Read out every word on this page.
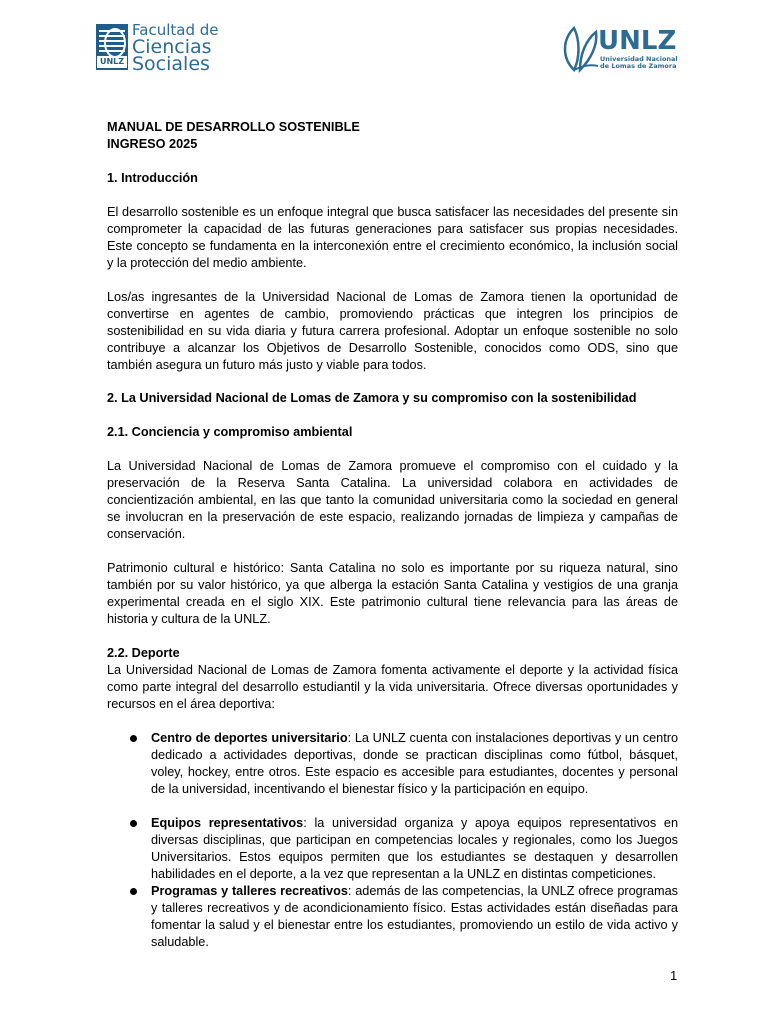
UNLZ
Facultad de
Ciencias
Sociales
UNLZ
Universidad Nacional
de Lomas de Zamora

MANUAL DE DESARROLLO SOSTENIBLE

INGRESO 2025

1. Introducción

El desarrollo sostenible es un enfoque integral que busca satisfacer las necesidades del presente sin comprometer la capacidad de las futuras generaciones para satisfacer sus propias necesidades. Este concepto se fundamenta en la interconexión entre el crecimiento económico, la inclusión social y la protección del medio ambiente.

Los/as ingresantes de la Universidad Nacional de Lomas de Zamora tienen la oportunidad de convertirse en agentes de cambio, promoviendo prácticas que integren los principios de sostenibilidad en su vida diaria y futura carrera profesional. Adoptar un enfoque sostenible no solo contribuye a alcanzar los Objetivos de Desarrollo Sostenible, conocidos como ODS, sino que también asegura un futuro más justo y viable para todos.

2. La Universidad Nacional de Lomas de Zamora y su compromiso con la sostenibilidad

2.1. Conciencia y compromiso ambiental

La Universidad Nacional de Lomas de Zamora promueve el compromiso con el cuidado y la preservación de la Reserva Santa Catalina. La universidad colabora en actividades de concientización ambiental, en las que tanto la comunidad universitaria como la sociedad en general se involucran en la preservación de este espacio, realizando jornadas de limpieza y campañas de conservación.

Patrimonio cultural e histórico: Santa Catalina no solo es importante por su riqueza natural, sino también por su valor histórico, ya que alberga la estación Santa Catalina y vestigios de una granja experimental creada en el siglo XIX. Este patrimonio cultural tiene relevancia para las áreas de historia y cultura de la UNLZ.

2.2. Deporte

La Universidad Nacional de Lomas de Zamora fomenta activamente el deporte y la actividad física como parte integral del desarrollo estudiantil y la vida universitaria. Ofrece diversas oportunidades y recursos en el área deportiva:

Centro de deportes universitario: La UNLZ cuenta con instalaciones deportivas y un centro dedicado a actividades deportivas, donde se practican disciplinas como fútbol, básquet, voley, hockey, entre otros. Este espacio es accesible para estudiantes, docentes y personal de la universidad, incentivando el bienestar físico y la participación en equipo.
Equipos representativos: la universidad organiza y apoya equipos representativos en diversas disciplinas, que participan en competencias locales y regionales, como los Juegos Universitarios. Estos equipos permiten que los estudiantes se destaquen y desarrollen habilidades en el deporte, a la vez que representan a la UNLZ en distintas competiciones.
Programas y talleres recreativos: además de las competencias, la UNLZ ofrece programas y talleres recreativos y de acondicionamiento físico. Estas actividades están diseñadas para fomentar la salud y el bienestar entre los estudiantes, promoviendo un estilo de vida activo y saludable.
1
